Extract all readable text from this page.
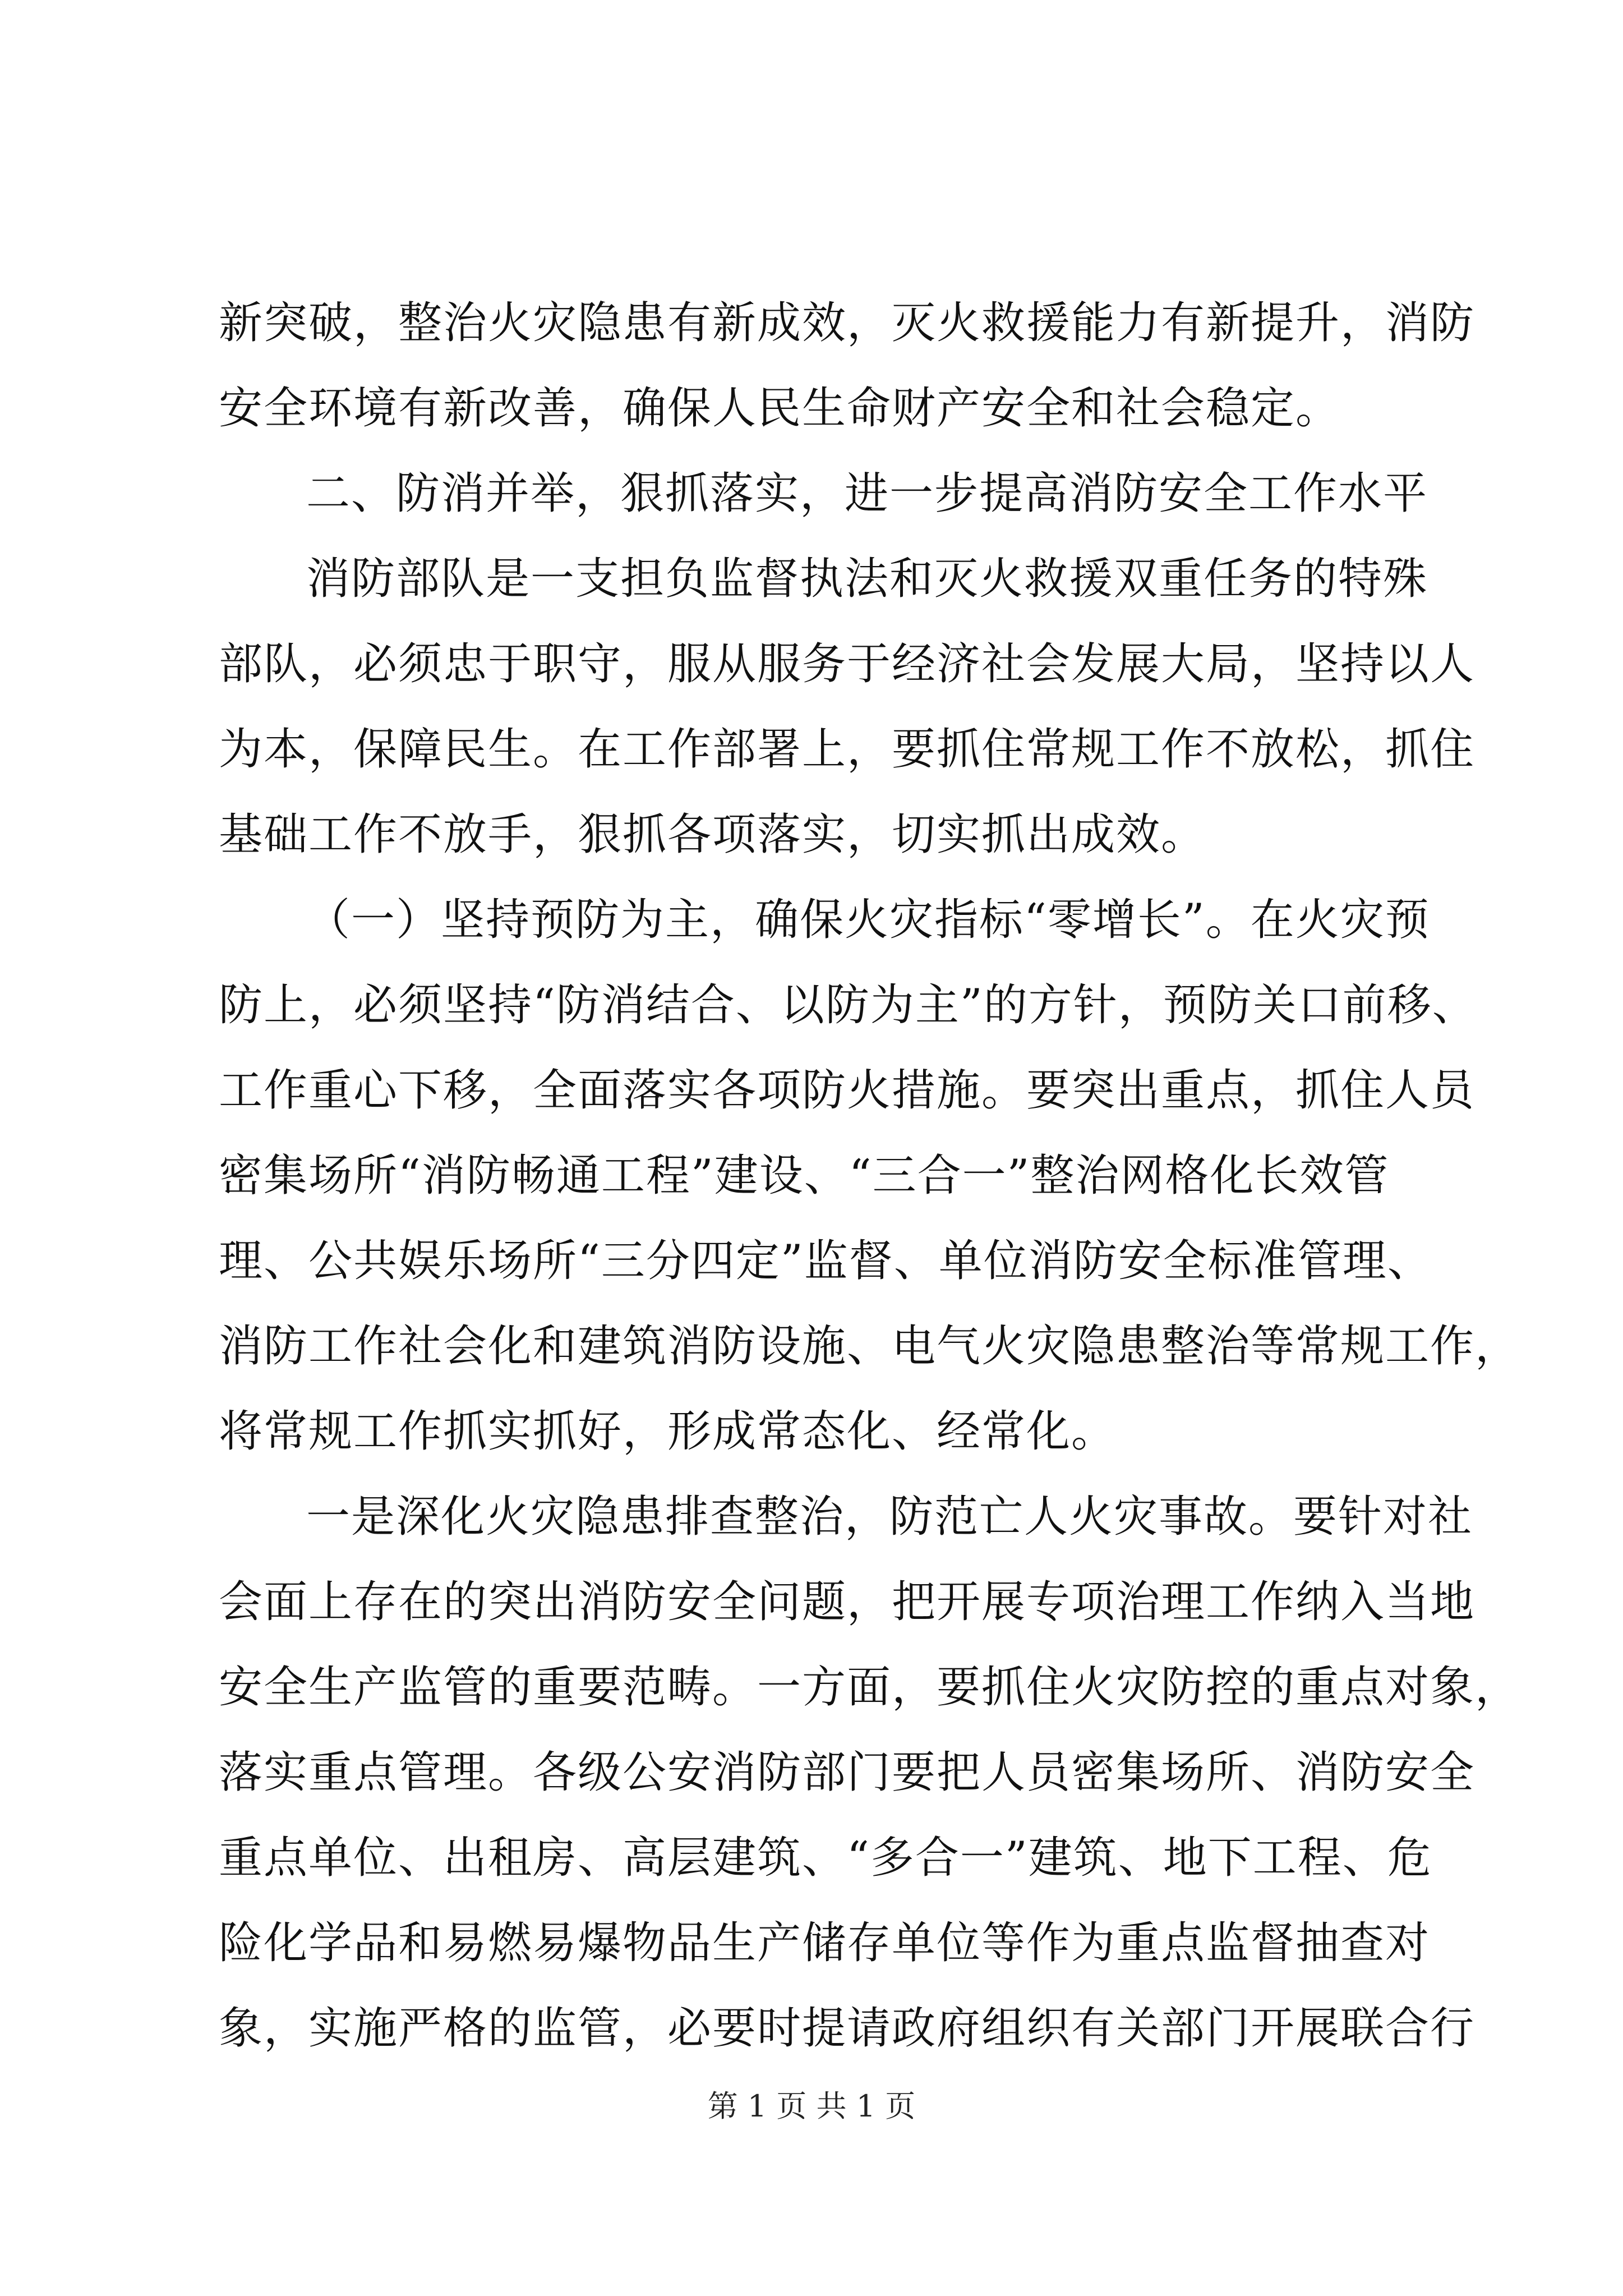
新突破，整治火灾隐患有新成效，灭火救援能力有新提升，消防
安全环境有新改善，确保人民生命财产安全和社会稳定。
二、防消并举，狠抓落实，进一步提高消防安全工作水平
消防部队是一支担负监督执法和灭火救援双重任务的特殊
部队，必须忠于职守，服从服务于经济社会发展大局，坚持以人
为本，保障民生。在工作部署上，要抓住常规工作不放松，抓住
基础工作不放手，狠抓各项落实，切实抓出成效。
（一）坚持预防为主，确保火灾指标“零增长”。在火灾预
防上，必须坚持“防消结合、以防为主”的方针，预防关口前移、
工作重心下移，全面落实各项防火措施。要突出重点，抓住人员
密集场所“消防畅通工程”建设、“三合一”整治网格化长效管
理、公共娱乐场所“三分四定”监督、单位消防安全标准管理、
消防工作社会化和建筑消防设施、电气火灾隐患整治等常规工作，
将常规工作抓实抓好，形成常态化、经常化。
一是深化火灾隐患排查整治，防范亡人火灾事故。要针对社
会面上存在的突出消防安全问题，把开展专项治理工作纳入当地
安全生产监管的重要范畴。一方面，要抓住火灾防控的重点对象，
落实重点管理。各级公安消防部门要把人员密集场所、消防安全
重点单位、出租房、高层建筑、“多合一”建筑、地下工程、危
险化学品和易燃易爆物品生产储存单位等作为重点监督抽查对
象，实施严格的监管，必要时提请政府组织有关部门开展联合行
第 1 页 共 1 页
